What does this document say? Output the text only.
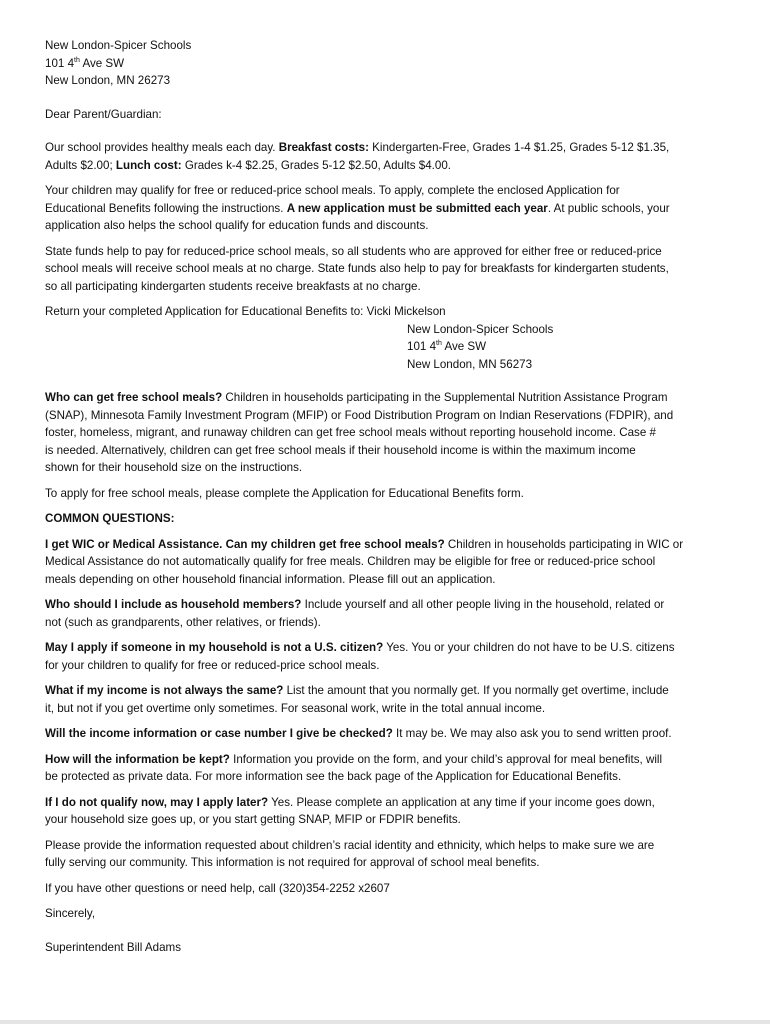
New London-Spicer Schools

101 4th Ave SW

New London, MN 26273

Dear Parent/Guardian:

Our school provides healthy meals each day. Breakfast costs: Kindergarten-Free, Grades 1-4 $1.25, Grades 5-12 $1.35,

Adults $2.00; Lunch cost: Grades k-4 $2.25, Grades 5-12 $2.50, Adults $4.00.

Your children may qualify for free or reduced-price school meals. To apply, complete the enclosed Application for

Educational Benefits following the instructions. A new application must be submitted each year. At public schools, your

application also helps the school qualify for education funds and discounts.

State funds help to pay for reduced-price school meals, so all students who are approved for either free or reduced-price

school meals will receive school meals at no charge. State funds also help to pay for breakfasts for kindergarten students,

so all participating kindergarten students receive breakfasts at no charge.

Return your completed Application for Educational Benefits to: Vicki Mickelson

New London-Spicer Schools

101 4th Ave SW

New London, MN 56273

Who can get free school meals? Children in households participating in the Supplemental Nutrition Assistance Program

(SNAP), Minnesota Family Investment Program (MFIP) or Food Distribution Program on Indian Reservations (FDPIR), and

foster, homeless, migrant, and runaway children can get free school meals without reporting household income. Case #

is needed. Alternatively, children can get free school meals if their household income is within the maximum income

shown for their household size on the instructions.

To apply for free school meals, please complete the Application for Educational Benefits form.

COMMON QUESTIONS:

I get WIC or Medical Assistance. Can my children get free school meals? Children in households participating in WIC or

Medical Assistance do not automatically qualify for free meals. Children may be eligible for free or reduced-price school

meals depending on other household financial information. Please fill out an application.

Who should I include as household members? Include yourself and all other people living in the household, related or

not (such as grandparents, other relatives, or friends).

May I apply if someone in my household is not a U.S. citizen? Yes. You or your children do not have to be U.S. citizens

for your children to qualify for free or reduced-price school meals.

What if my income is not always the same? List the amount that you normally get. If you normally get overtime, include

it, but not if you get overtime only sometimes. For seasonal work, write in the total annual income.

Will the income information or case number I give be checked? It may be. We may also ask you to send written proof.

How will the information be kept? Information you provide on the form, and your child’s approval for meal benefits, will

be protected as private data. For more information see the back page of the Application for Educational Benefits.

If I do not qualify now, may I apply later? Yes. Please complete an application at any time if your income goes down,

your household size goes up, or you start getting SNAP, MFIP or FDPIR benefits.

Please provide the information requested about children’s racial identity and ethnicity, which helps to make sure we are

fully serving our community. This information is not required for approval of school meal benefits.

If you have other questions or need help, call (320)354-2252 x2607

Sincerely,

Superintendent Bill Adams
